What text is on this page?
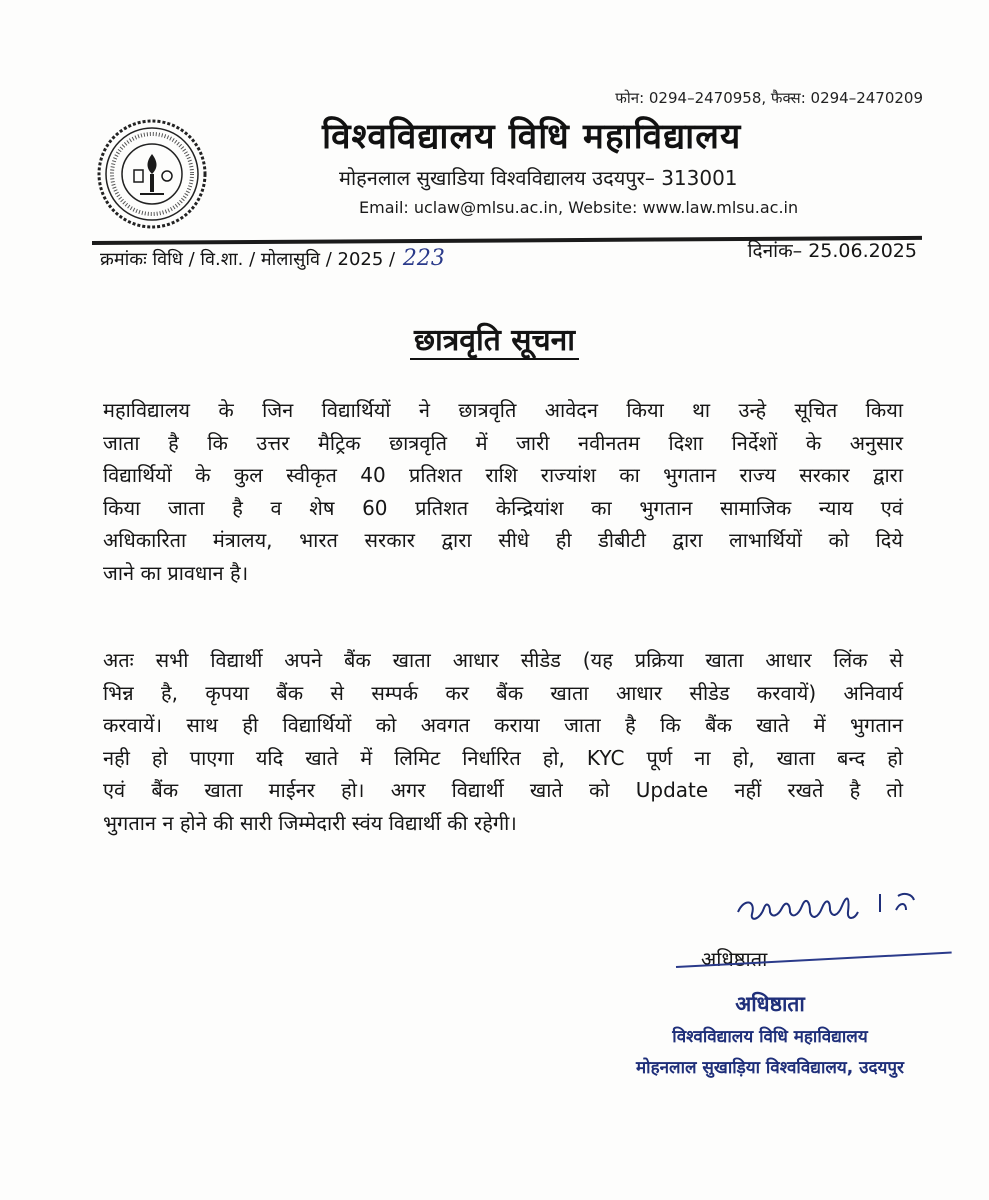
फोन: 0294–2470958, फैक्स: 0294–2470209
विश्वविद्यालय विधि महाविद्यालय
मोहनलाल सुखाडिया विश्वविद्यालय उदयपुर– 313001
Email: uclaw@mlsu.ac.in, Website: www.law.mlsu.ac.in
क्रमांकः विधि / वि.शा. / मोलासुवि / 2025 / 223	दिनांक– 25.06.2025
छात्रवृति सूचना
महाविद्यालय के जिन विद्यार्थियों ने छात्रवृति आवेदन किया था उन्हे सूचित किया
जाता है कि उत्तर मैट्रिक छात्रवृति में जारी नवीनतम दिशा निर्देशों के अनुसार
विद्यार्थियों के कुल स्वीकृत 40 प्रतिशत राशि राज्यांश का भुगतान राज्य सरकार द्वारा
किया जाता है व शेष 60 प्रतिशत केन्द्रियांश का भुगतान सामाजिक न्याय एवं
अधिकारिता मंत्रालय, भारत सरकार द्वारा सीधे ही डीबीटी द्वारा लाभार्थियों को दिये
जाने का प्रावधान है।
अतः सभी विद्यार्थी अपने बैंक खाता आधार सीडेड (यह प्रक्रिया खाता आधार लिंक से
भिन्न है, कृपया बैंक से सम्पर्क कर बैंक खाता आधार सीडेड करवायें) अनिवार्य
करवायें। साथ ही विद्यार्थियों को अवगत कराया जाता है कि बैंक खाते में भुगतान
नही हो पाएगा यदि खाते में लिमिट निर्धारित हो, KYC पूर्ण ना हो, खाता बन्द हो
एवं बैंक खाता माईनर हो। अगर विद्यार्थी खाते को Update नहीं रखते है तो
भुगतान न होने की सारी जिम्मेदारी स्वंय विद्यार्थी की रहेगी।
अधिष्ठाता
अधिष्ठाता
विश्वविद्यालय विधि महाविद्यालय
मोहनलाल सुखाड़िया विश्वविद्यालय, उदयपुर
